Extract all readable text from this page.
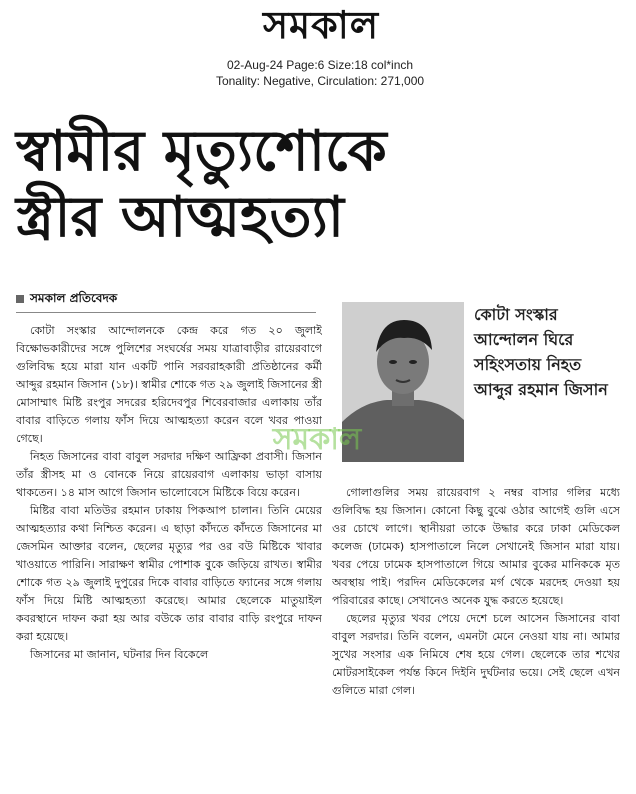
সমকাল
02-Aug-24 Page:6 Size:18 col*inch
Tonality: Negative, Circulation: 271,000
স্বামীর মৃত্যুশোকে
স্ত্রীর আত্মহত্যা
সমকাল প্রতিবেদক
কোটা সংস্কার আন্দোলন ঘিরে সহিংসতায় নিহত আব্দুর রহমান জিসান

কোটা সংস্কার আন্দোলনকে কেন্দ্র করে গত ২০ জুলাই বিক্ষোভকারীদের সঙ্গে পুলিশের সংঘর্ষের সময় যাত্রাবাড়ীর রায়েরবাগে গুলিবিদ্ধ হয়ে মারা যান একটি পানি সরবরাহকারী প্রতিষ্ঠানের কর্মী আব্দুর রহমান জিসান (১৮)। স্বামীর শোকে গত ২৯ জুলাই জিসানের স্ত্রী মোসাম্মাৎ মিষ্টি রংপুর সদরের হরিদেবপুর শিবেরবাজার এলাকায় তাঁর বাবার বাড়িতে গলায় ফাঁস দিয়ে আত্মহত্যা করেন বলে খবর পাওয়া গেছে।

নিহত জিসানের বাবা বাবুল সরদার দক্ষিণ আফ্রিকা প্রবাসী। জিসান তাঁর স্ত্রীসহ মা ও বোনকে নিয়ে রায়েরবাগ এলাকায় ভাড়া বাসায় থাকতেন। ১৪ মাস আগে জিসান ভালোবেসে মিষ্টিকে বিয়ে করেন।

মিষ্টির বাবা মতিউর রহমান ঢাকায় পিকআপ চালান। তিনি মেয়ের আত্মহত্যার কথা নিশ্চিত করেন। এ ছাড়া কাঁদতে কাঁদতে জিসানের মা জেসমিন আক্তার বলেন, ছেলের মৃত্যুর পর ওর বউ মিষ্টিকে খাবার খাওয়াতে পারিনি। সারাক্ষণ স্বামীর পোশাক বুকে জড়িয়ে রাখত। স্বামীর শোকে গত ২৯ জুলাই দুপুরের দিকে বাবার বাড়িতে ফ্যানের সঙ্গে গলায় ফাঁস দিয়ে মিষ্টি আত্মহত্যা করেছে। আমার ছেলেকে মাতুয়াইল কবরস্থানে দাফন করা হয় আর বউকে তার বাবার বাড়ি রংপুরে দাফন করা হয়েছে।

জিসানের মা জানান, ঘটনার দিন বিকেলে

গোলাগুলির সময় রায়েরবাগ ২ নম্বর বাসার গলির মধ্যে গুলিবিদ্ধ হয় জিসান। কোনো কিছু বুঝে ওঠার আগেই গুলি এসে ওর চোখে লাগে। স্থানীয়রা তাকে উদ্ধার করে ঢাকা মেডিকেল কলেজ (ঢামেক) হাসপাতালে নিলে সেখানেই জিসান মারা যায়। খবর পেয়ে ঢামেক হাসপাতালে গিয়ে আমার বুকের মানিককে মৃত অবস্থায় পাই। পরদিন মেডিকেলের মর্গ থেকে মরদেহ দেওয়া হয় পরিবারের কাছে। সেখানেও অনেক যুদ্ধ করতে হয়েছে।

ছেলের মৃত্যুর খবর পেয়ে দেশে চলে আসেন জিসানের বাবা বাবুল সরদার। তিনি বলেন, এমনটা মেনে নেওয়া যায় না। আমার সুখের সংসার এক নিমিষে শেষ হয়ে গেল। ছেলেকে তার শখের মোটরসাইকেল পর্যন্ত কিনে দিইনি দুর্ঘটনার ভয়ে। সেই ছেলে এখন গুলিতে মারা গেল।

সমকাল
